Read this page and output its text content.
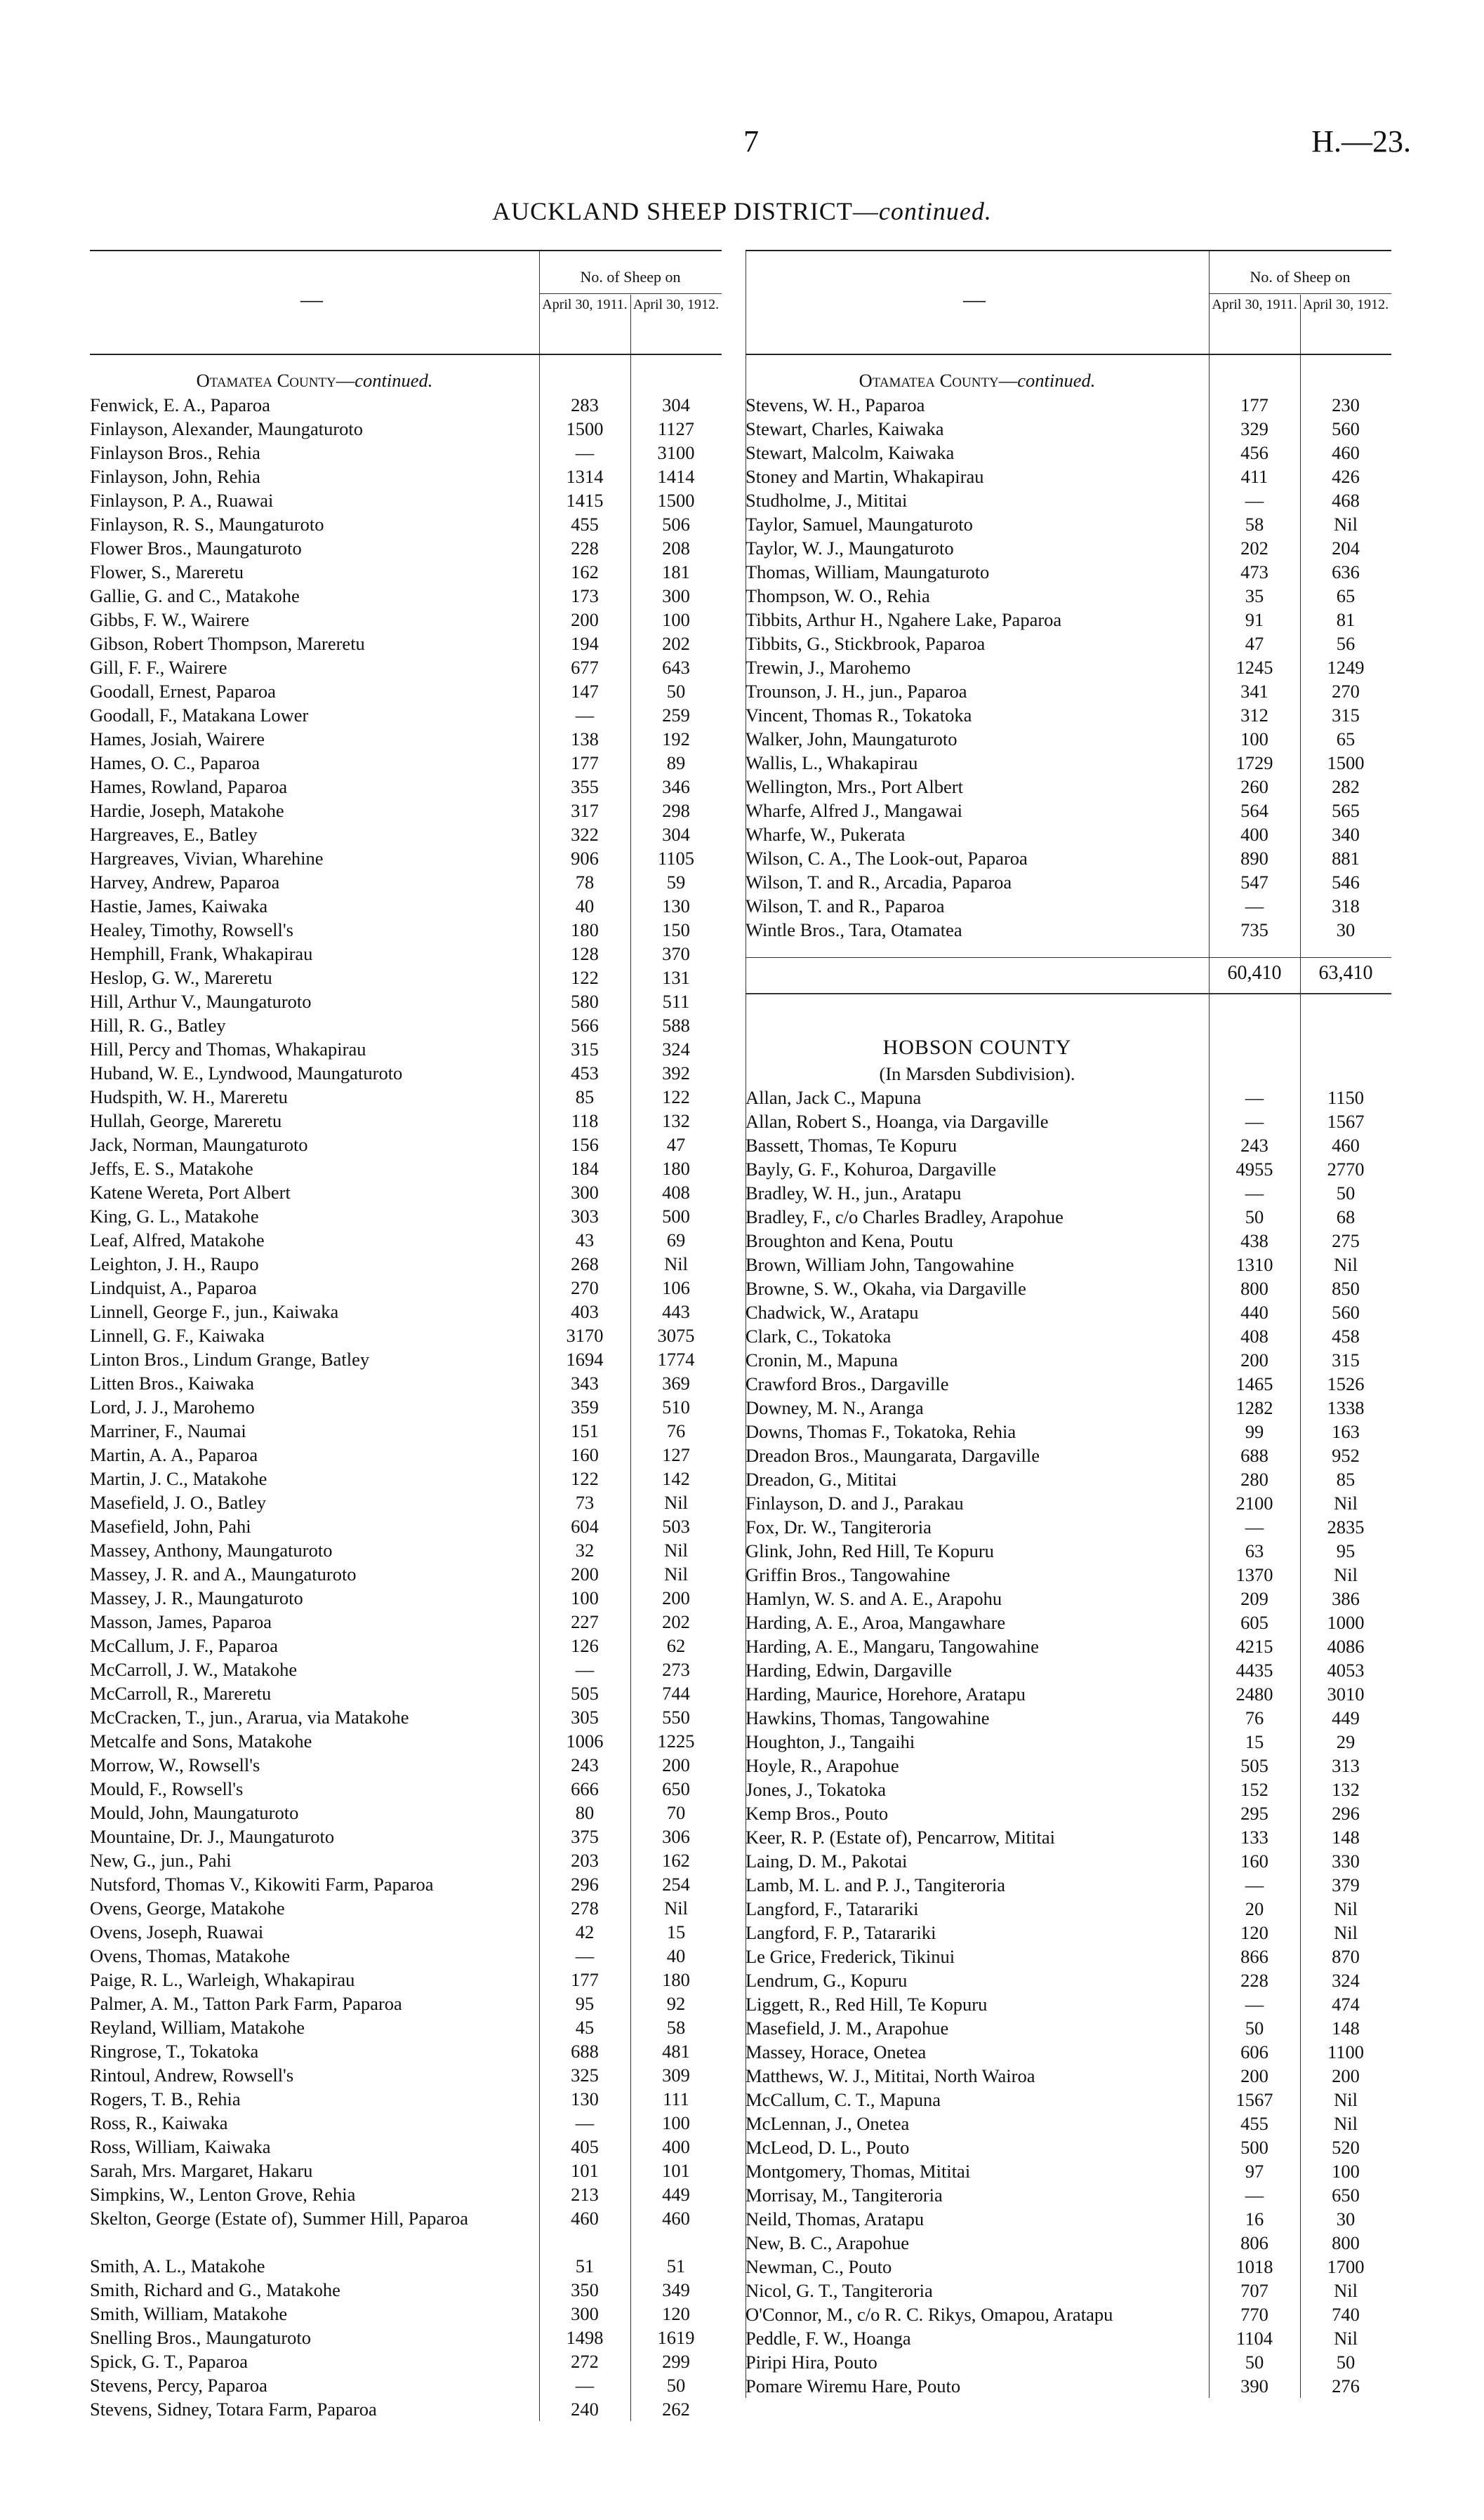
7	H.—23.
AUCKLAND SHEEP DISTRICT—continued.
—
No. of Sheep on
April 30, 1911. April 30, 1912.
Otamatea County—continued.
Fenwick, E. A., Paparoa	283	304
Finlayson, Alexander, Maungaturoto	1500	1127
Finlayson Bros., Rehia	—	3100
Finlayson, John, Rehia	1314	1414
Finlayson, P. A., Ruawai	1415	1500
Finlayson, R. S., Maungaturoto	455	506
Flower Bros., Maungaturoto	228	208
Flower, S., Mareretu	162	181
Gallie, G. and C., Matakohe	173	300
Gibbs, F. W., Wairere	200	100
Gibson, Robert Thompson, Mareretu	194	202
Gill, F. F., Wairere	677	643
Goodall, Ernest, Paparoa	147	50
Goodall, F., Matakana Lower	—	259
Hames, Josiah, Wairere	138	192
Hames, O. C., Paparoa	177	89
Hames, Rowland, Paparoa	355	346
Hardie, Joseph, Matakohe	317	298
Hargreaves, E., Batley	322	304
Hargreaves, Vivian, Wharehine	906	1105
Harvey, Andrew, Paparoa	78	59
Hastie, James, Kaiwaka	40	130
Healey, Timothy, Rowsell's	180	150
Hemphill, Frank, Whakapirau	128	370
Heslop, G. W., Mareretu	122	131
Hill, Arthur V., Maungaturoto	580	511
Hill, R. G., Batley	566	588
Hill, Percy and Thomas, Whakapirau	315	324
Huband, W. E., Lyndwood, Maungaturoto	453	392
Hudspith, W. H., Mareretu	85	122
Hullah, George, Mareretu	118	132
Jack, Norman, Maungaturoto	156	47
Jeffs, E. S., Matakohe	184	180
Katene Wereta, Port Albert	300	408
King, G. L., Matakohe	303	500
Leaf, Alfred, Matakohe	43	69
Leighton, J. H., Raupo	268	Nil
Lindquist, A., Paparoa	270	106
Linnell, George F., jun., Kaiwaka	403	443
Linnell, G. F., Kaiwaka	3170	3075
Linton Bros., Lindum Grange, Batley	1694	1774
Litten Bros., Kaiwaka	343	369
Lord, J. J., Marohemo	359	510
Marriner, F., Naumai	151	76
Martin, A. A., Paparoa	160	127
Martin, J. C., Matakohe	122	142
Masefield, J. O., Batley	73	Nil
Masefield, John, Pahi	604	503
Massey, Anthony, Maungaturoto	32	Nil
Massey, J. R. and A., Maungaturoto	200	Nil
Massey, J. R., Maungaturoto	100	200
Masson, James, Paparoa	227	202
McCallum, J. F., Paparoa	126	62
McCarroll, J. W., Matakohe	—	273
McCarroll, R., Mareretu	505	744
McCracken, T., jun., Ararua, via Matakohe	305	550
Metcalfe and Sons, Matakohe	1006	1225
Morrow, W., Rowsell's	243	200
Mould, F., Rowsell's	666	650
Mould, John, Maungaturoto	80	70
Mountaine, Dr. J., Maungaturoto	375	306
New, G., jun., Pahi	203	162
Nutsford, Thomas V., Kikowiti Farm, Paparoa	296	254
Ovens, George, Matakohe	278	Nil
Ovens, Joseph, Ruawai	42	15
Ovens, Thomas, Matakohe	—	40
Paige, R. L., Warleigh, Whakapirau	177	180
Palmer, A. M., Tatton Park Farm, Paparoa	95	92
Reyland, William, Matakohe	45	58
Ringrose, T., Tokatoka	688	481
Rintoul, Andrew, Rowsell's	325	309
Rogers, T. B., Rehia	130	111
Ross, R., Kaiwaka	—	100
Ross, William, Kaiwaka	405	400
Sarah, Mrs. Margaret, Hakaru	101	101
Simpkins, W., Lenton Grove, Rehia	213	449
Skelton, George (Estate of), Summer Hill, Paparoa	460	460
Smith, A. L., Matakohe	51	51
Smith, Richard and G., Matakohe	350	349
Smith, William, Matakohe	300	120
Snelling Bros., Maungaturoto	1498	1619
Spick, G. T., Paparoa	272	299
Stevens, Percy, Paparoa	—	50
Stevens, Sidney, Totara Farm, Paparoa	240	262
—
No. of Sheep on
April 30, 1911. April 30, 1912.
Otamatea County—continued.
Stevens, W. H., Paparoa	177	230
Stewart, Charles, Kaiwaka	329	560
Stewart, Malcolm, Kaiwaka	456	460
Stoney and Martin, Whakapirau	411	426
Studholme, J., Mititai	—	468
Taylor, Samuel, Maungaturoto	58	Nil
Taylor, W. J., Maungaturoto	202	204
Thomas, William, Maungaturoto	473	636
Thompson, W. O., Rehia	35	65
Tibbits, Arthur H., Ngahere Lake, Paparoa	91	81
Tibbits, G., Stickbrook, Paparoa	47	56
Trewin, J., Marohemo	1245	1249
Trounson, J. H., jun., Paparoa	341	270
Vincent, Thomas R., Tokatoka	312	315
Walker, John, Maungaturoto	100	65
Wallis, L., Whakapirau	1729	1500
Wellington, Mrs., Port Albert	260	282
Wharfe, Alfred J., Mangawai	564	565
Wharfe, W., Pukerata	400	340
Wilson, C. A., The Look-out, Paparoa	890	881
Wilson, T. and R., Arcadia, Paparoa	547	546
Wilson, T. and R., Paparoa	—	318
Wintle Bros., Tara, Otamatea	735	30
60,410	63,410
HOBSON COUNTY
(In Marsden Subdivision).
Allan, Jack C., Mapuna	—	1150
Allan, Robert S., Hoanga, via Dargaville	—	1567
Bassett, Thomas, Te Kopuru	243	460
Bayly, G. F., Kohuroa, Dargaville	4955	2770
Bradley, W. H., jun., Aratapu	—	50
Bradley, F., c/o Charles Bradley, Arapohue	50	68
Broughton and Kena, Poutu	438	275
Brown, William John, Tangowahine	1310	Nil
Browne, S. W., Okaha, via Dargaville	800	850
Chadwick, W., Aratapu	440	560
Clark, C., Tokatoka	408	458
Cronin, M., Mapuna	200	315
Crawford Bros., Dargaville	1465	1526
Downey, M. N., Aranga	1282	1338
Downs, Thomas F., Tokatoka, Rehia	99	163
Dreadon Bros., Maungarata, Dargaville	688	952
Dreadon, G., Mititai	280	85
Finlayson, D. and J., Parakau	2100	Nil
Fox, Dr. W., Tangiteroria	—	2835
Glink, John, Red Hill, Te Kopuru	63	95
Griffin Bros., Tangowahine	1370	Nil
Hamlyn, W. S. and A. E., Arapohu	209	386
Harding, A. E., Aroa, Mangawhare	605	1000
Harding, A. E., Mangaru, Tangowahine	4215	4086
Harding, Edwin, Dargaville	4435	4053
Harding, Maurice, Horehore, Aratapu	2480	3010
Hawkins, Thomas, Tangowahine	76	449
Houghton, J., Tangaihi	15	29
Hoyle, R., Arapohue	505	313
Jones, J., Tokatoka	152	132
Kemp Bros., Pouto	295	296
Keer, R. P. (Estate of), Pencarrow, Mititai	133	148
Laing, D. M., Pakotai	160	330
Lamb, M. L. and P. J., Tangiteroria	—	379
Langford, F., Tatarariki	20	Nil
Langford, F. P., Tatarariki	120	Nil
Le Grice, Frederick, Tikinui	866	870
Lendrum, G., Kopuru	228	324
Liggett, R., Red Hill, Te Kopuru	—	474
Masefield, J. M., Arapohue	50	148
Massey, Horace, Onetea	606	1100
Matthews, W. J., Mititai, North Wairoa	200	200
McCallum, C. T., Mapuna	1567	Nil
McLennan, J., Onetea	455	Nil
McLeod, D. L., Pouto	500	520
Montgomery, Thomas, Mititai	97	100
Morrisay, M., Tangiteroria	—	650
Neild, Thomas, Aratapu	16	30
New, B. C., Arapohue	806	800
Newman, C., Pouto	1018	1700
Nicol, G. T., Tangiteroria	707	Nil
O'Connor, M., c/o R. C. Rikys, Omapou, Aratapu	770	740
Peddle, F. W., Hoanga	1104	Nil
Piripi Hira, Pouto	50	50
Pomare Wiremu Hare, Pouto	390	276
